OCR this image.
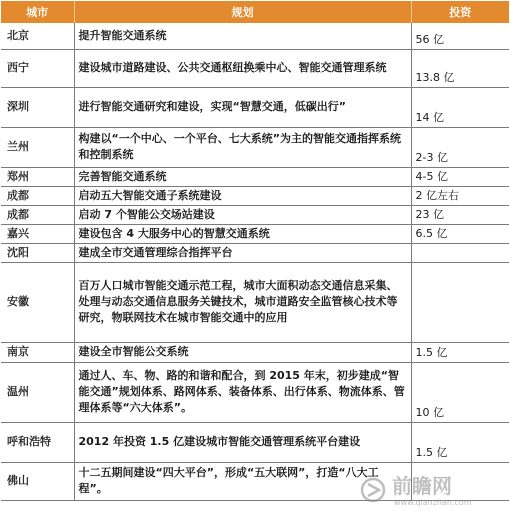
城市	规划	投资
北京	提升智能交通系统	56 亿
西宁	建设城市道路建设、公共交通枢纽换乘中心、智能交通管理系统	13.8 亿
深圳	进行智能交通研究和建设，实现“智慧交通，低碳出行”	14 亿
兰州	构建以“一个中心、一个平台、七大系统”为主的智能交通指挥系统和控制系统	2-3 亿
郑州	完善智能交通系统	4-5 亿
成都	启动五大智能交通子系统建设	2 亿左右
成都	启动 7 个智能公交场站建设	23 亿
嘉兴	建设包含 4 大服务中心的智慧交通系统	6.5 亿
沈阳	建成全市交通管理综合指挥平台	
安徽	百万人口城市智能交通示范工程，城市大面积动态交通信息采集、处理与动态交通信息服务关键技术，城市道路安全监管核心技术等研究，物联网技术在城市智能交通中的应用	
南京	建设全市智能公交系统	1.5 亿
温州	通过人、车、物、路的和谐和配合，到 2015 年末，初步建成“智能交通”规划体系、路网体系、装备体系、出行体系、物流体系、管理体系等“六大体系”。	10 亿
呼和浩特	2012 年投资 1.5 亿建设城市智能交通管理系统平台建设	1.5 亿
佛山	十二五期间建设“四大平台”，形成“五大联网”，打造“八大工程”。		前瞻网
www.qianzhan.com
